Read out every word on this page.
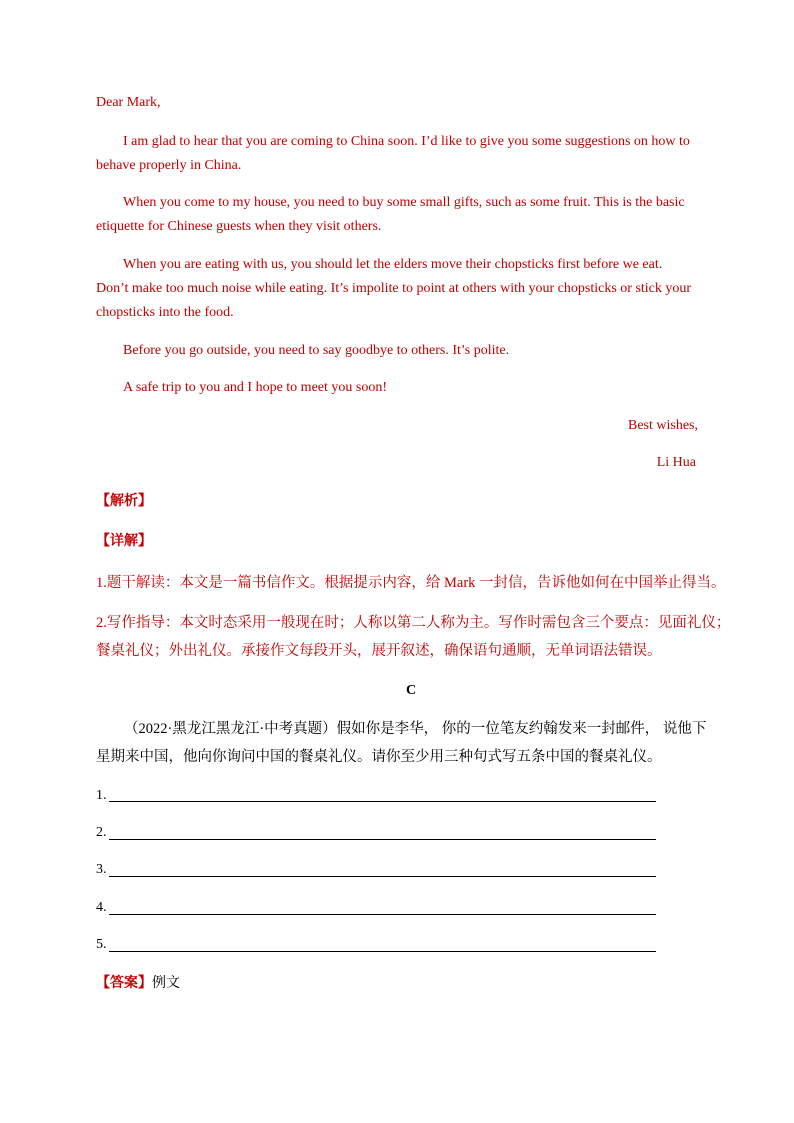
Dear Mark,

I am glad to hear that you are coming to China soon. I’d like to give you some suggestions on how to

behave properly in China.

When you come to my house, you need to buy some small gifts, such as some fruit. This is the basic

etiquette for Chinese guests when they visit others.

When you are eating with us, you should let the elders move their chopsticks first before we eat.

Don’t make too much noise while eating. It’s impolite to point at others with your chopsticks or stick your

chopsticks into the food.

Before you go outside, you need to say goodbye to others. It’s polite.

A safe trip to you and I hope to meet you soon!

Best wishes,

Li Hua

【解析】

【详解】

1.题干解读：本文是一篇书信作文。根据提示内容，给 Mark 一封信，告诉他如何在中国举止得当。

2.写作指导：本文时态采用一般现在时；人称以第二人称为主。写作时需包含三个要点：见面礼仪；

餐桌礼仪；外出礼仪。承接作文每段开头，展开叙述，确保语句通顺，无单词语法错误。

C

（2022·黑龙江黑龙江·中考真题）假如你是李华， 你的一位笔友约翰发来一封邮件， 说他下

星期来中国，他向你询问中国的餐桌礼仪。请你至少用三种句式写五条中国的餐桌礼仪。

1.

2.

3.

4.

5.

【答案】例文
